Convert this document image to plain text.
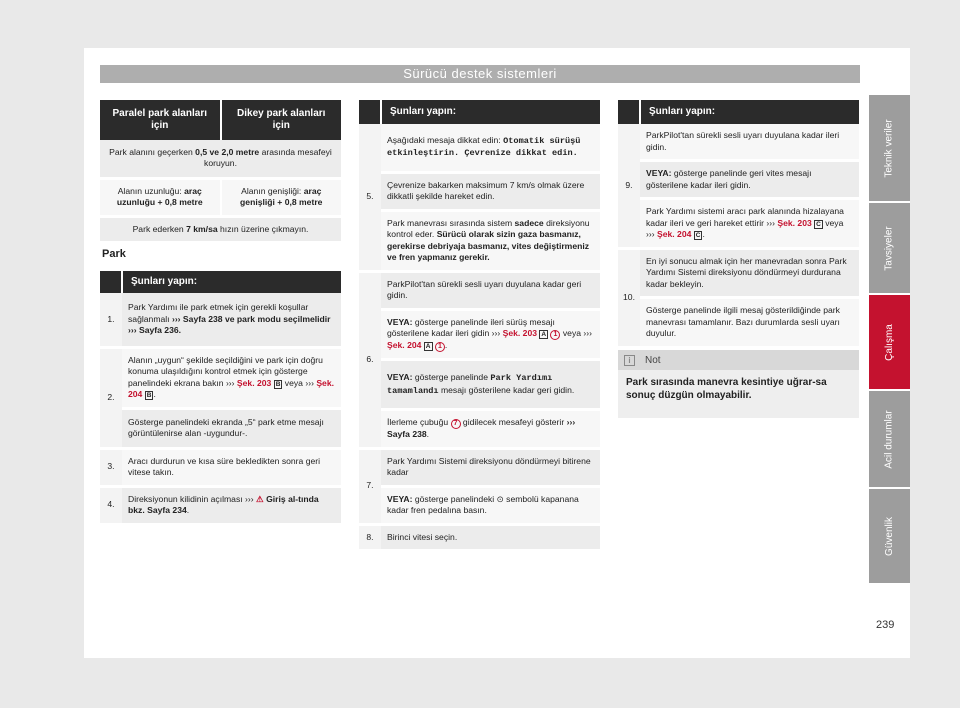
Sürücü destek sistemleri
Paralel park alanları için	Dikey park alanları için
Park alanını geçerken 0,5 ve 2,0 metre arasında mesafeyi koruyun.	
Alanın uzunluğu: araç uzunluğu + 0,8 metre	Alanın genişliği: araç genişliği + 0,8 metre
Park ederken 7 km/sa hızın üzerine çıkmayın.	
Park
	Şunları yapın:
1.	Park Yardımı ile park etmek için gerekli koşullar sağlanmalı ››› Sayfa 238 ve park modu seçilmelidir ››› Sayfa 236.
2.	Alanın „uygun“ şekilde seçildiğini ve park için doğru konuma ulaşıldığını kontrol etmek için gösterge panelindeki ekrana bakın ››› Şek. 203 B veya ››› Şek. 204 B .
	Gösterge panelindeki ekranda „5“ park etme mesajı görüntülenirse alan -uygundur-.
3.	Aracı durdurun ve kısa süre bekledikten sonra geri vitese takın.
4.	Direksiyonun kilidinin açılması ››› ⚠ Giriş al-tında bkz. Sayfa 234.
	Şunları yapın:
5.	Aşağıdaki mesaja dikkat edin: Otomatik sürüşü etkinleştirin. Çevrenize dikkat edin.
	Çevrenize bakarken maksimum 7 km/s olmak üzere dikkatli şekilde hareket edin.
	Park manevrası sırasında sistem sadece direksiyonu kontrol eder. Sürücü olarak sizin gaza basmanız, gerekirse debriyaja basmanız, vites değiştirmeniz ve fren yapmanız gerekir.
6.	ParkPilot'tan sürekli sesli uyarı duyulana kadar geri gidin.
	VEYA: gösterge panelinde ileri sürüş mesajı gösterilene kadar ileri gidin ››› Şek. 203 A 1 veya ››› Şek. 204 A 1 .
	VEYA: gösterge panelinde Park Yardımı tamamlandı mesajı gösterilene kadar geri gidin.
	İlerleme çubuğu 7 gidilecek mesafeyi gösterir ››› Sayfa 238.
7.	Park Yardımı Sistemi direksiyonu döndürmeyi bitirene kadar
	VEYA: gösterge panelindeki ⊙ sembolü kapanana kadar fren pedalına basın.
8.	Birinci vitesi seçin.
	Şunları yapın:
9.	ParkPilot'tan sürekli sesli uyarı duyulana kadar ileri gidin.
	VEYA: gösterge panelinde geri vites mesajı gösterilene kadar ileri gidin.
	Park Yardımı sistemi aracı park alanında hizalayana kadar ileri ve geri hareket ettirir ››› Şek. 203 C veya ››› Şek. 204 C .
10.	En iyi sonucu almak için her manevradan sonra Park Yardımı Sistemi direksiyonu döndürmeyi durdurana kadar bekleyin.
	Gösterge panelinde ilgili mesaj gösterildiğinde park manevrası tamamlanır. Bazı durumlarda sesli uyarı duyulur.
i	Not
Park sırasında manevra kesintiye uğrar-sa sonuç düzgün olmayabilir.
Teknik veriler
Tavsiyeler
Çalışma
Acil durumlar
Güvenlik
239
